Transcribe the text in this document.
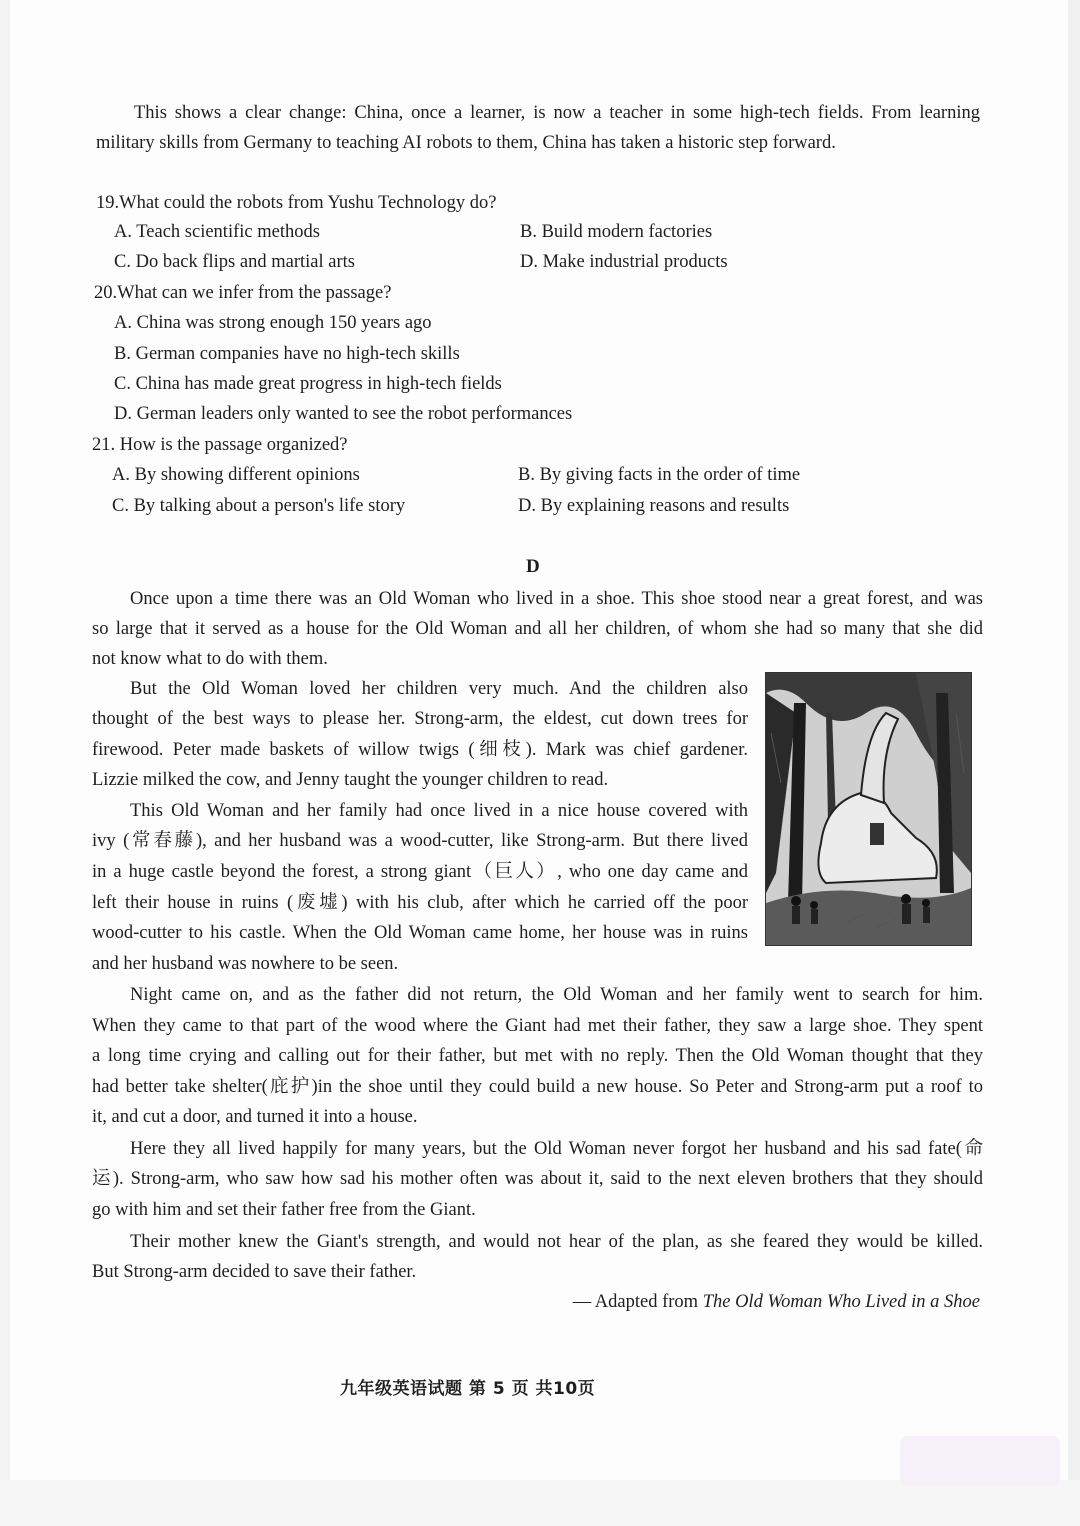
This shows a clear change: China, once a learner, is now a teacher in some high-tech fields. From learning
military skills from Germany to teaching AI robots to them, China has taken a historic step forward.
19.What could the robots from Yushu Technology do?
A. Teach scientific methods	B. Build modern factories
C. Do back flips and martial arts	D. Make industrial products
20.What can we infer from the passage?
A. China was strong enough 150 years ago
B. German companies have no high-tech skills
C. China has made great progress in high-tech fields
D. German leaders only wanted to see the robot performances
21. How is the passage organized?
A. By showing different opinions	B. By giving facts in the order of time
C. By talking about a person's life story	D. By explaining reasons and results
D
Once upon a time there was an Old Woman who lived in a shoe. This shoe stood near a great forest, and was
so large that it served as a house for the Old Woman and all her children, of whom she had so many that she did
not know what to do with them.
But the Old Woman loved her children very much. And the children also
thought of the best ways to please her. Strong-arm, the eldest, cut down trees for
firewood. Peter made baskets of willow twigs (细枝). Mark was chief gardener.
Lizzie milked the cow, and Jenny taught the younger children to read.
This Old Woman and her family had once lived in a nice house covered with
ivy (常春藤), and her husband was a wood-cutter, like Strong-arm. But there lived
in a huge castle beyond the forest, a strong giant（巨人）, who one day came and
left their house in ruins (废墟) with his club, after which he carried off the poor
wood-cutter to his castle. When the Old Woman came home, her house was in ruins
and her husband was nowhere to be seen.
Night came on, and as the father did not return, the Old Woman and her family went to search for him.
When they came to that part of the wood where the Giant had met their father, they saw a large shoe. They spent
a long time crying and calling out for their father, but met with no reply. Then the Old Woman thought that they
had better take shelter(庇护)in the shoe until they could build a new house. So Peter and Strong-arm put a roof to
it, and cut a door, and turned it into a house.
Here they all lived happily for many years, but the Old Woman never forgot her husband and his sad fate(命
运). Strong-arm, who saw how sad his mother often was about it, said to the next eleven brothers that they should
go with him and set their father free from the Giant.
Their mother knew the Giant's strength, and would not hear of the plan, as she feared they would be killed.
But Strong-arm decided to save their father.
— Adapted from The Old Woman Who Lived in a Shoe
九年级英语试题 第 5 页 共10页
